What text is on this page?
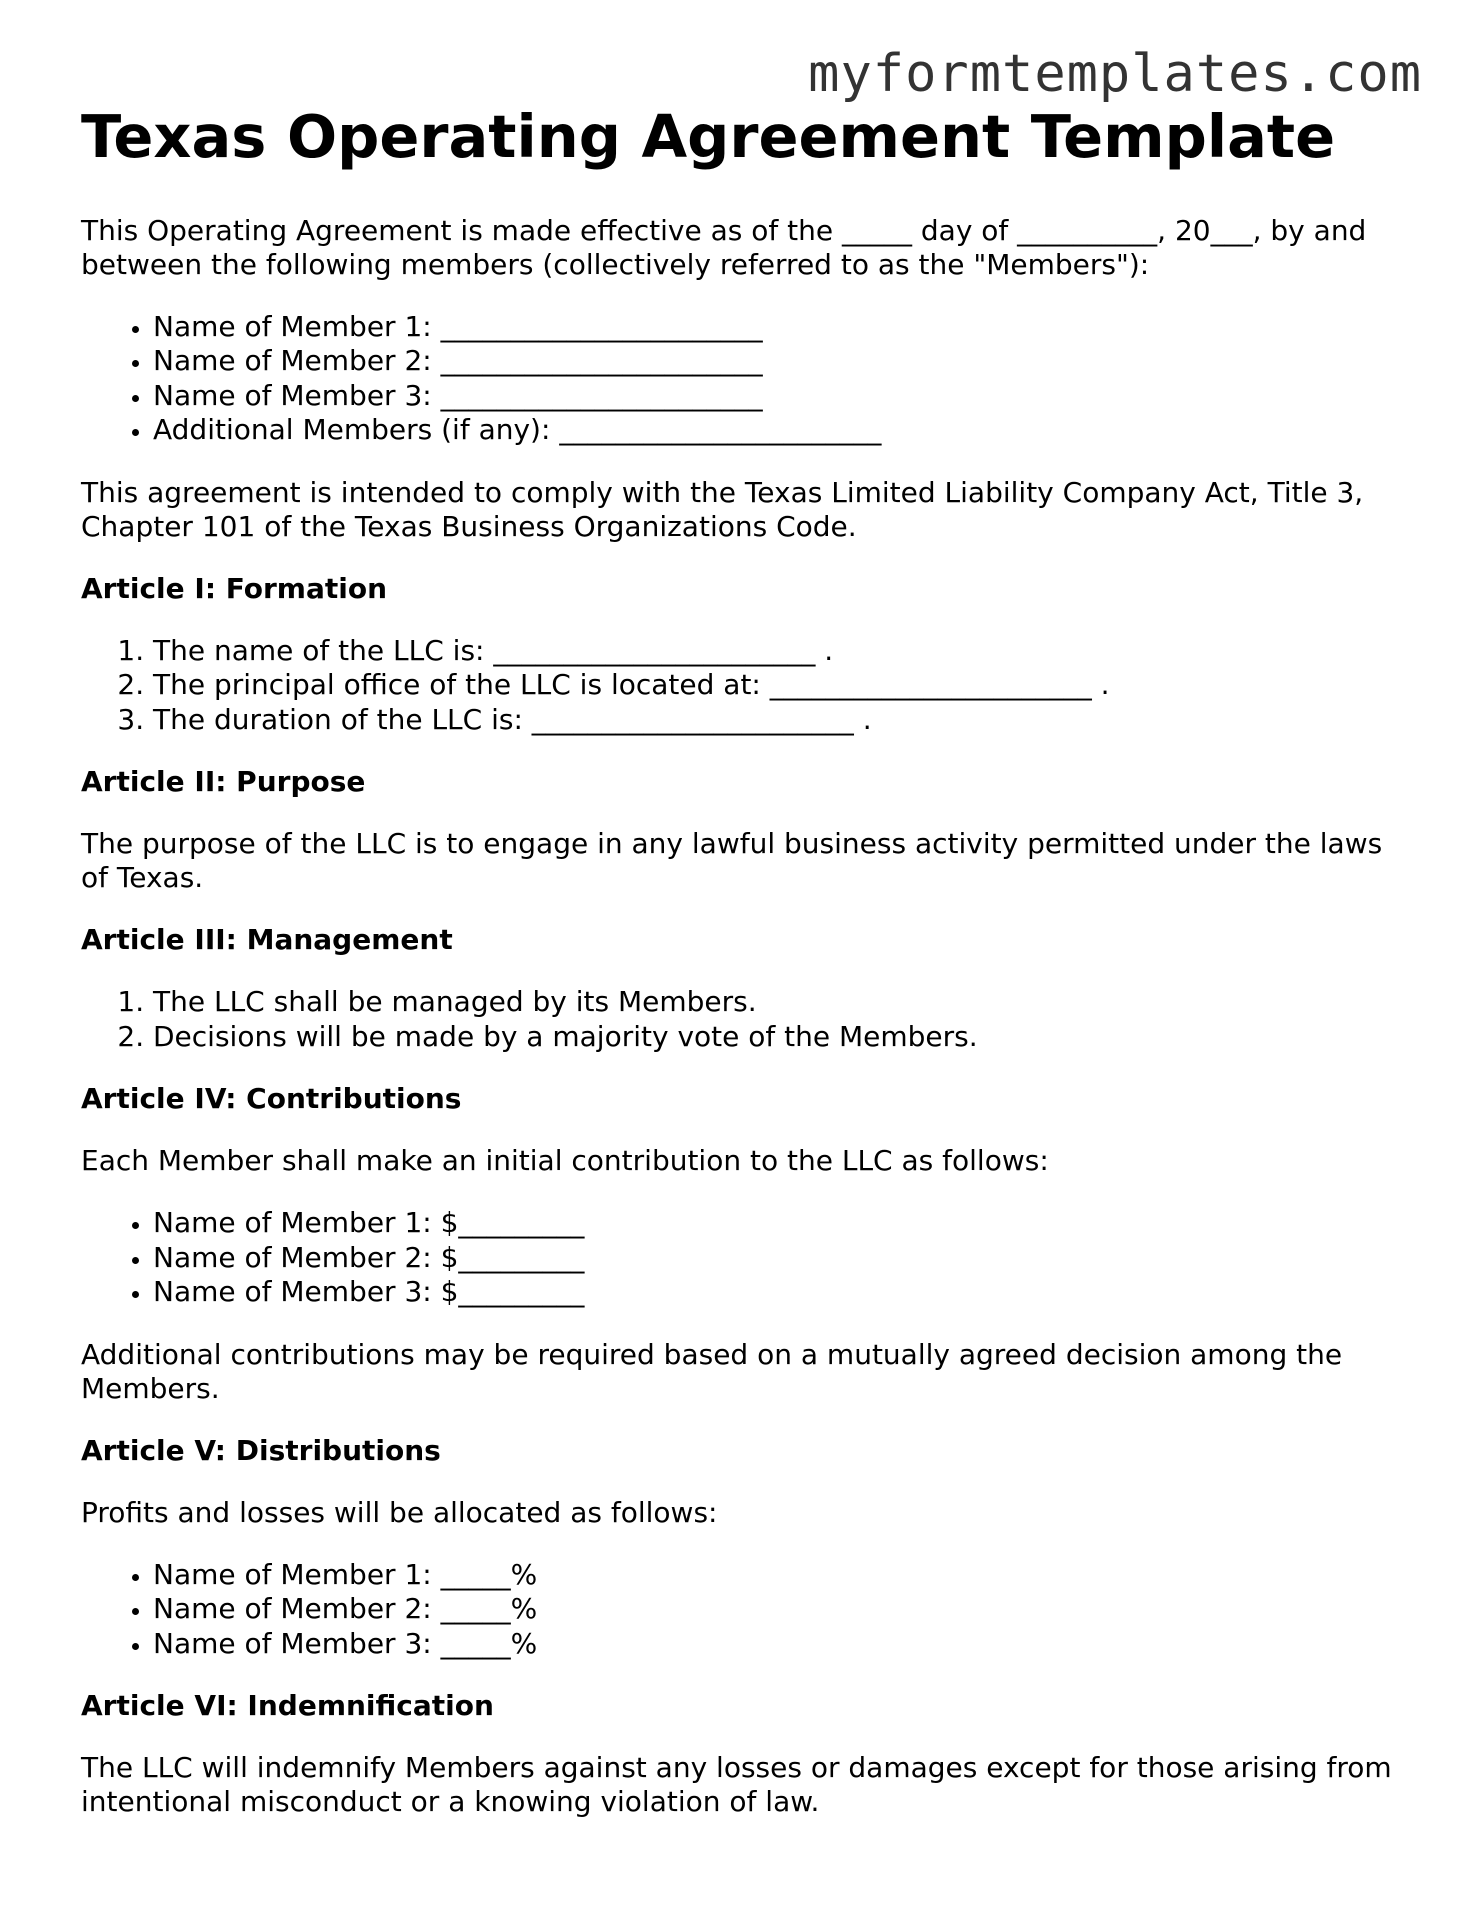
myformtemplates.com
Texas Operating Agreement Template

This Operating Agreement is made effective as of the _____ day of __________, 20___, by and between the following members (collectively referred to as the "Members"):

• Name of Member 1: _______________________
• Name of Member 2: _______________________
• Name of Member 3: _______________________
• Additional Members (if any): _______________________

This agreement is intended to comply with the Texas Limited Liability Company Act, Title 3, Chapter 101 of the Texas Business Organizations Code.

Article I: Formation
1. The name of the LLC is: _______________________ .
2. The principal office of the LLC is located at: _______________________ .
3. The duration of the LLC is: _______________________ .
Article II: Purpose

The purpose of the LLC is to engage in any lawful business activity permitted under the laws of Texas.

Article III: Management
1. The LLC shall be managed by its Members.
2. Decisions will be made by a majority vote of the Members.
Article IV: Contributions

Each Member shall make an initial contribution to the LLC as follows:

• Name of Member 1: $_________
• Name of Member 2: $_________
• Name of Member 3: $_________

Additional contributions may be required based on a mutually agreed decision among the Members.

Article V: Distributions

Profits and losses will be allocated as follows:

• Name of Member 1: _____%
• Name of Member 2: _____%
• Name of Member 3: _____%
Article VI: Indemnification

The LLC will indemnify Members against any losses or damages except for those arising from intentional misconduct or a knowing violation of law.
